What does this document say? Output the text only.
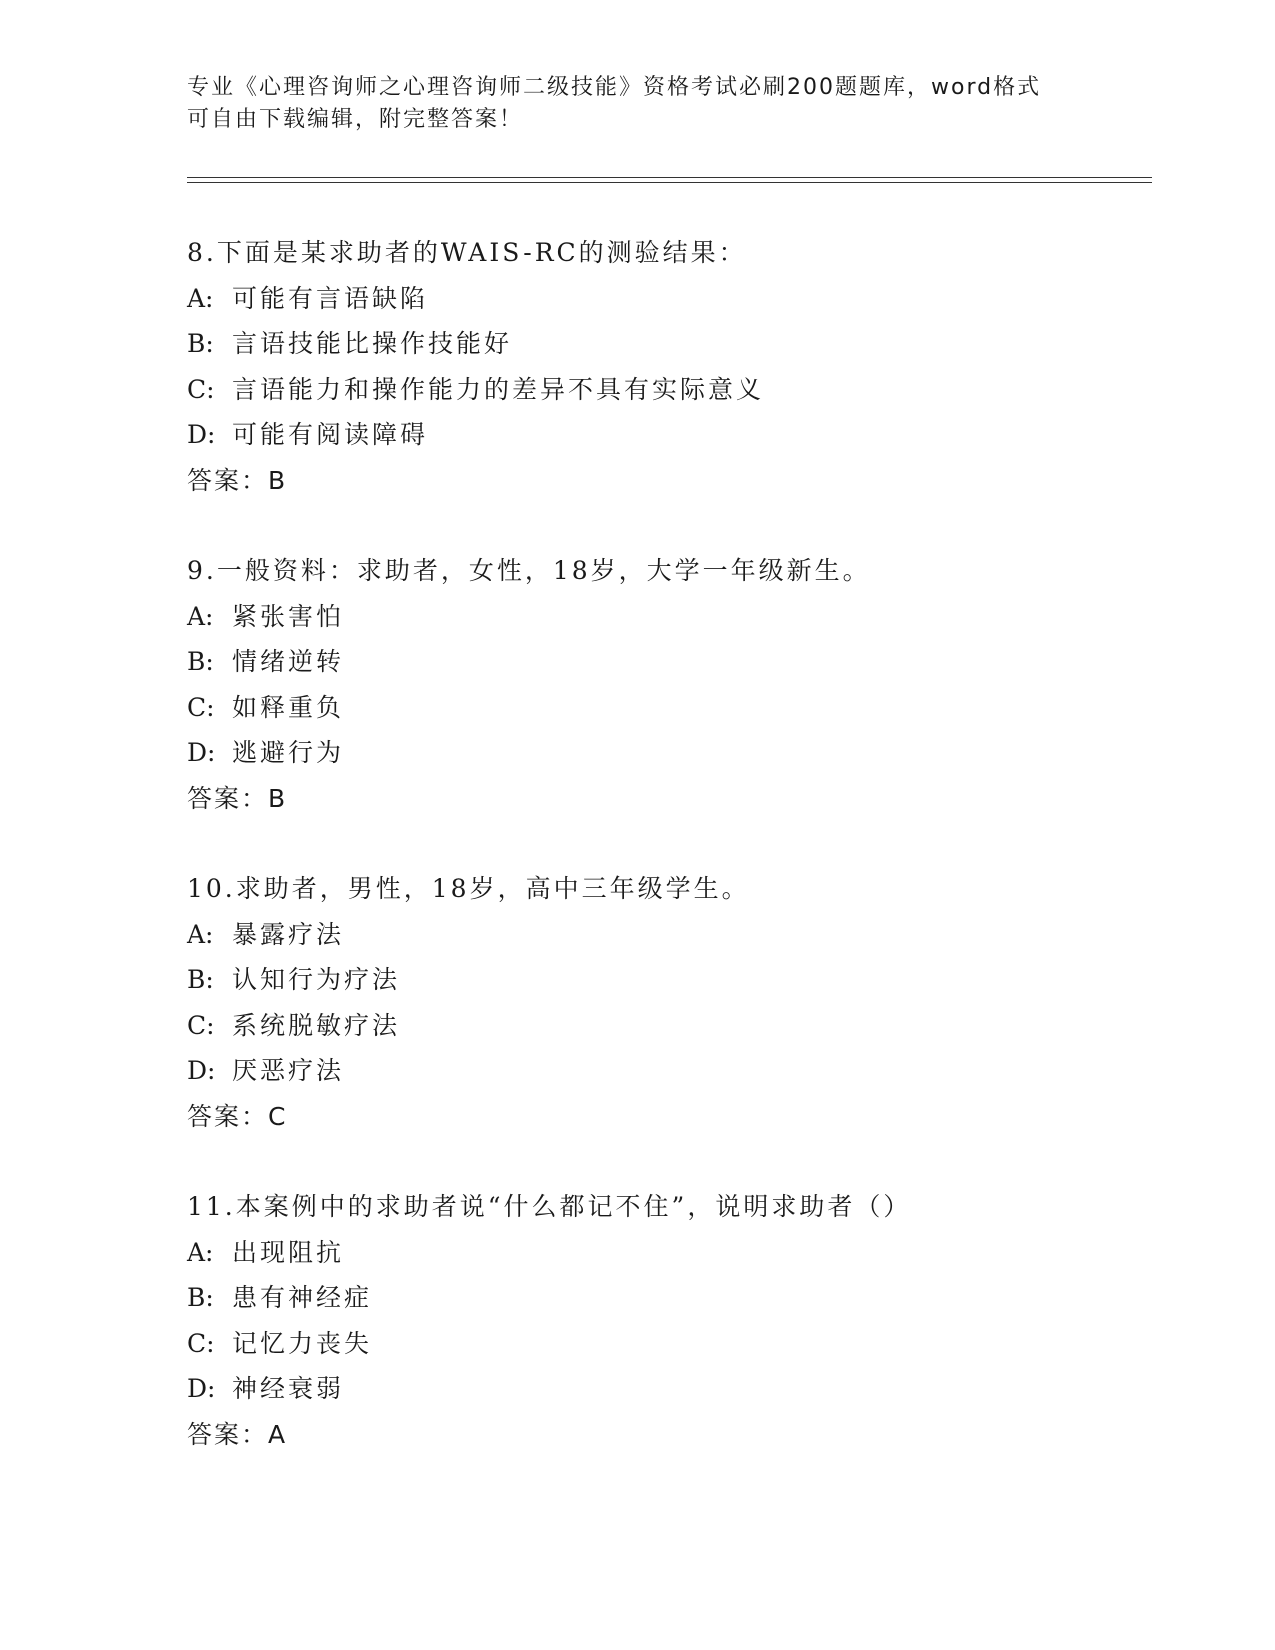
专业《心理咨询师之心理咨询师二级技能》资格考试必刷200题题库，word格式
可自由下载编辑，附完整答案！
8.下面是某求助者的WAIS-RC的测验结果：
A: 可能有言语缺陷
B: 言语技能比操作技能好
C: 言语能力和操作能力的差异不具有实际意义
D: 可能有阅读障碍
答案：B
9.一般资料：求助者，女性，18岁，大学一年级新生。
A: 紧张害怕
B: 情绪逆转
C: 如释重负
D: 逃避行为
答案：B
10.求助者，男性，18岁，高中三年级学生。
A: 暴露疗法
B: 认知行为疗法
C: 系统脱敏疗法
D: 厌恶疗法
答案：C
11.本案例中的求助者说“什么都记不住”，说明求助者（）
A: 出现阻抗
B: 患有神经症
C: 记忆力丧失
D: 神经衰弱
答案：A
